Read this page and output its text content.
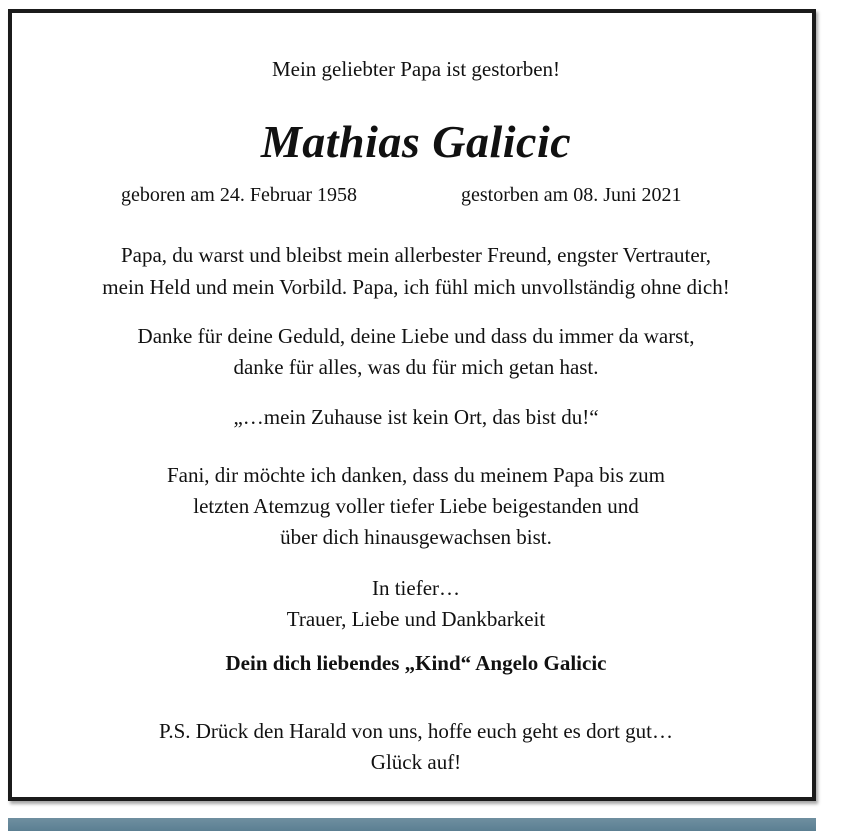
Mein geliebter Papa ist gestorben!
Mathias Galicic
geboren am 24. Februar 1958	gestorben am 08. Juni 2021
Papa, du warst und bleibst mein allerbester Freund, engster Vertrauter,
mein Held und mein Vorbild. Papa, ich fühl mich unvollständig ohne dich!
Danke für deine Geduld, deine Liebe und dass du immer da warst,
danke für alles, was du für mich getan hast.
„…mein Zuhause ist kein Ort, das bist du!“
Fani, dir möchte ich danken, dass du meinem Papa bis zum
letzten Atemzug voller tiefer Liebe beigestanden und
über dich hinausgewachsen bist.
In tiefer…
Trauer, Liebe und Dankbarkeit
Dein dich liebendes „Kind“ Angelo Galicic
P.S. Drück den Harald von uns, hoffe euch geht es dort gut…
Glück auf!
